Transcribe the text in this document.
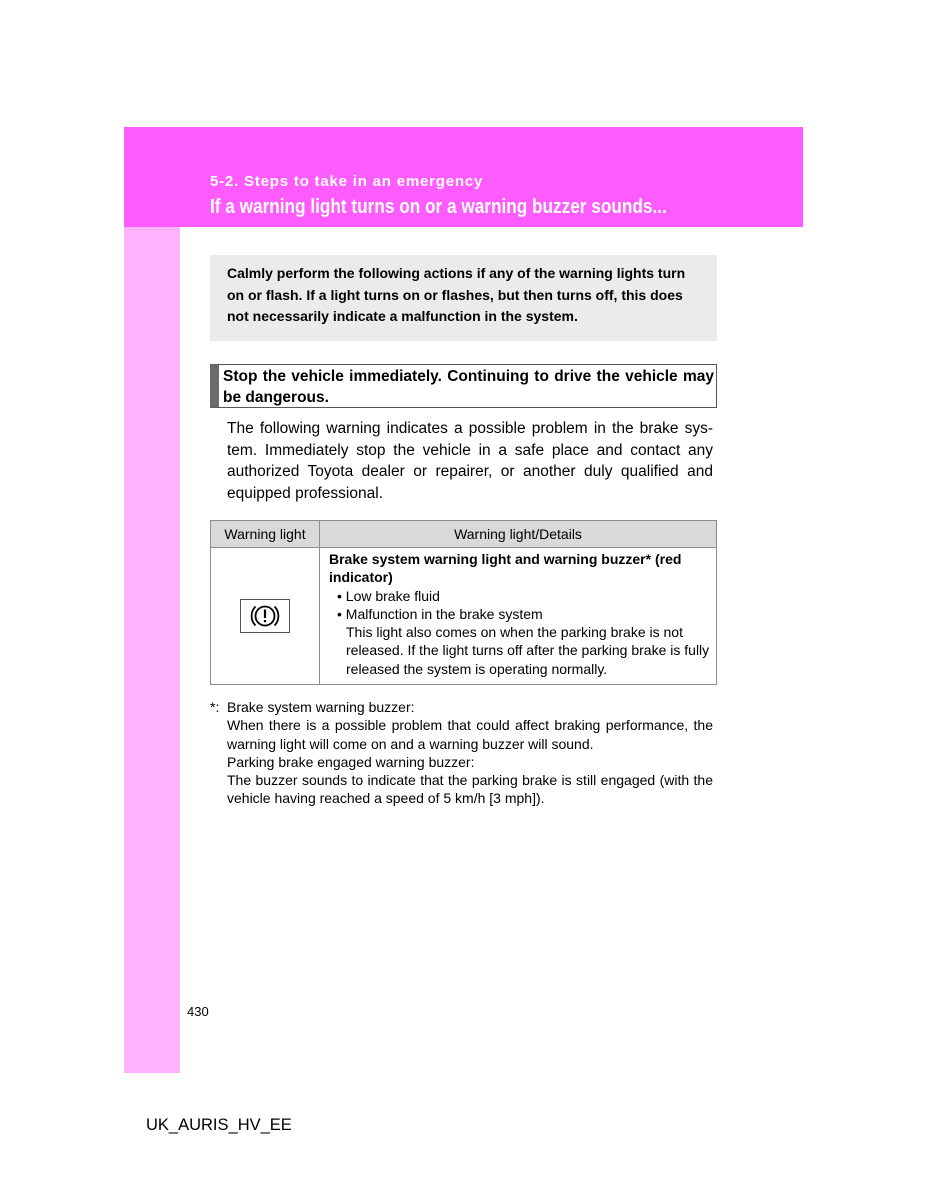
5-2. Steps to take in an emergency
If a warning light turns on or a warning buzzer sounds...
Calmly perform the following actions if any of the warning lights turn
on or flash. If a light turns on or flashes, but then turns off, this does
not necessarily indicate a malfunction in the system.
Stop the vehicle immediately. Continuing to drive the vehicle may be dangerous.
The following warning indicates a possible problem in the brake sys-tem. Immediately stop the vehicle in a safe place and contact any authorized Toyota dealer or repairer, or another duly qualified and equipped professional.
Warning light	Warning light/Details

Brake system warning light and warning buzzer* (red indicator)
• Low brake fluid
• Malfunction in the brake system
This light also comes on when the parking brake is not released. If the light turns off after the parking brake is fully released the system is operating normally.
*: Brake system warning buzzer:
When there is a possible problem that could affect braking performance, the warning light will come on and a warning buzzer will sound.
Parking brake engaged warning buzzer:
The buzzer sounds to indicate that the parking brake is still engaged (with the vehicle having reached a speed of 5 km/h [3 mph]).
430
UK_AURIS_HV_EE
